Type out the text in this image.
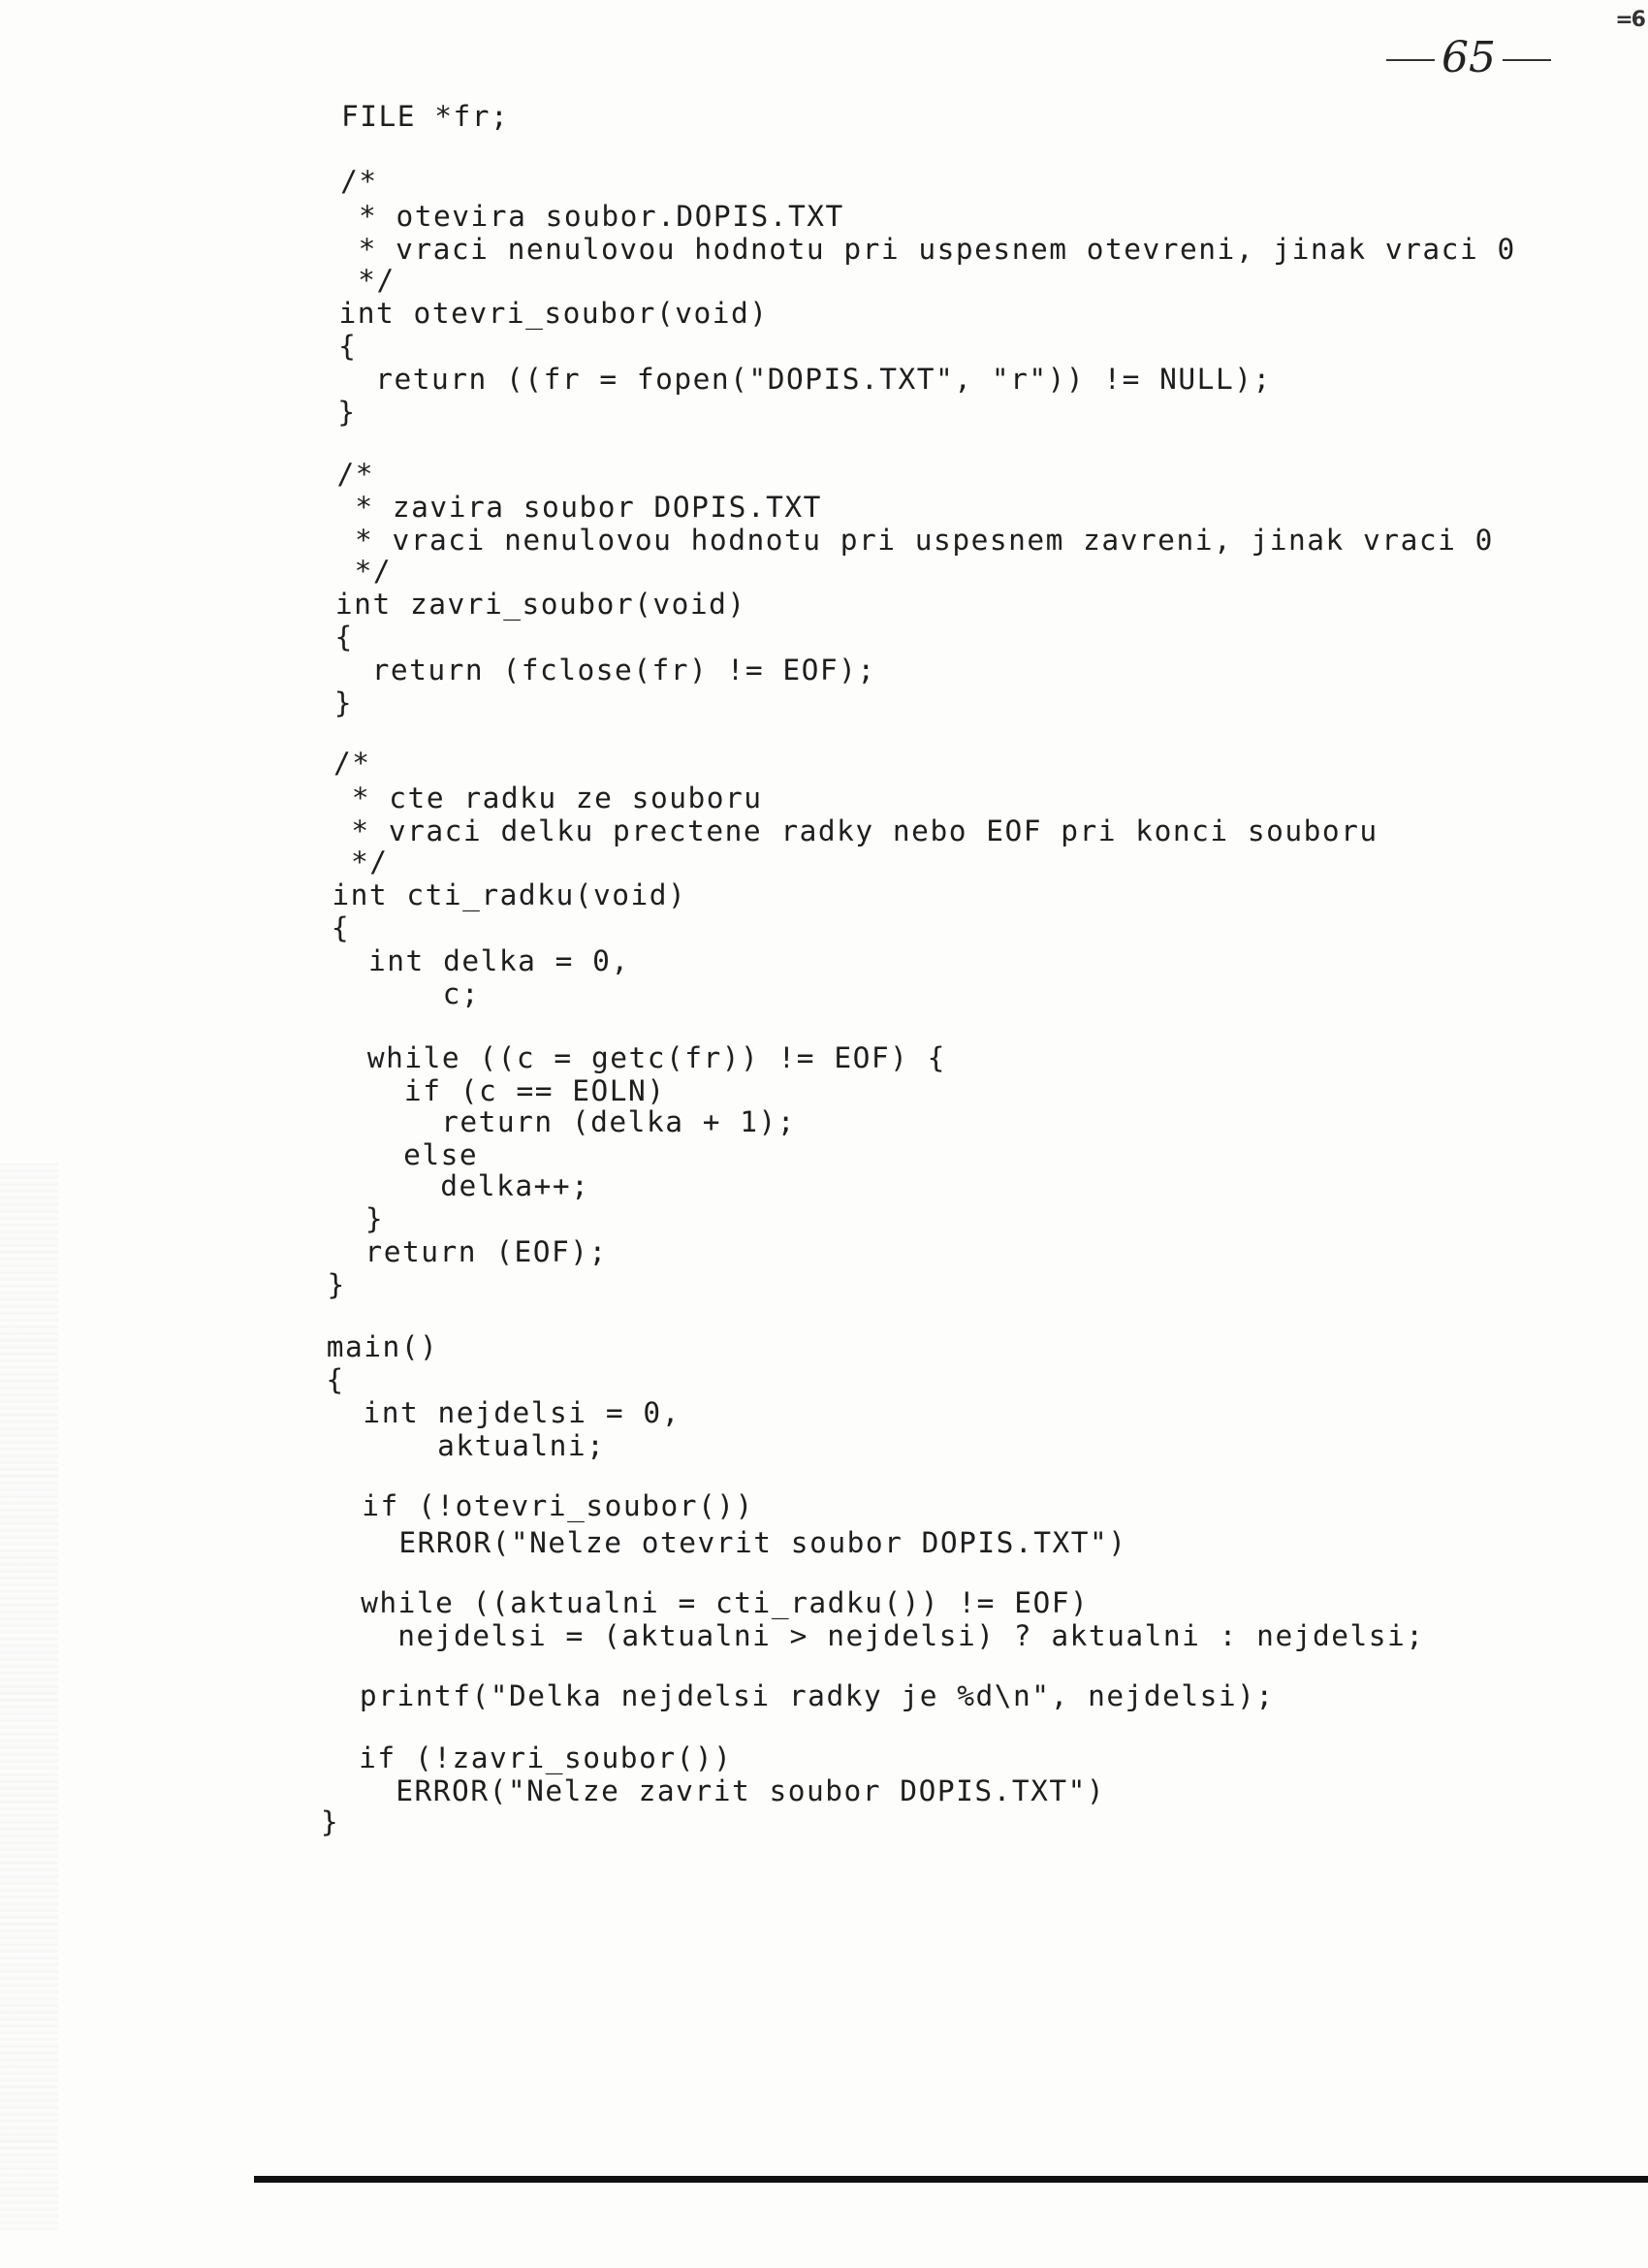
=6
65
FILE *fr;
/*
* otevira soubor.DOPIS.TXT
* vraci nenulovou hodnotu pri uspesnem otevreni, jinak vraci 0
*/
int otevri_soubor(void)
{
return ((fr = fopen("DOPIS.TXT", "r")) != NULL);
}
/*
* zavira soubor DOPIS.TXT
* vraci nenulovou hodnotu pri uspesnem zavreni, jinak vraci 0
*/
int zavri_soubor(void)
{
return (fclose(fr) != EOF);
}
/*
* cte radku ze souboru
* vraci delku prectene radky nebo EOF pri konci souboru
*/
int cti_radku(void)
{
int delka = 0,
c;
while ((c = getc(fr)) != EOF) {
if (c == EOLN)
return (delka + 1);
else
delka++;
}
return (EOF);
}
main()
{
int nejdelsi = 0,
aktualni;
if (!otevri_soubor())
ERROR("Nelze otevrit soubor DOPIS.TXT")
while ((aktualni = cti_radku()) != EOF)
nejdelsi = (aktualni > nejdelsi) ? aktualni : nejdelsi;
printf("Delka nejdelsi radky je %d\n", nejdelsi);
if (!zavri_soubor())
ERROR("Nelze zavrit soubor DOPIS.TXT")
}
